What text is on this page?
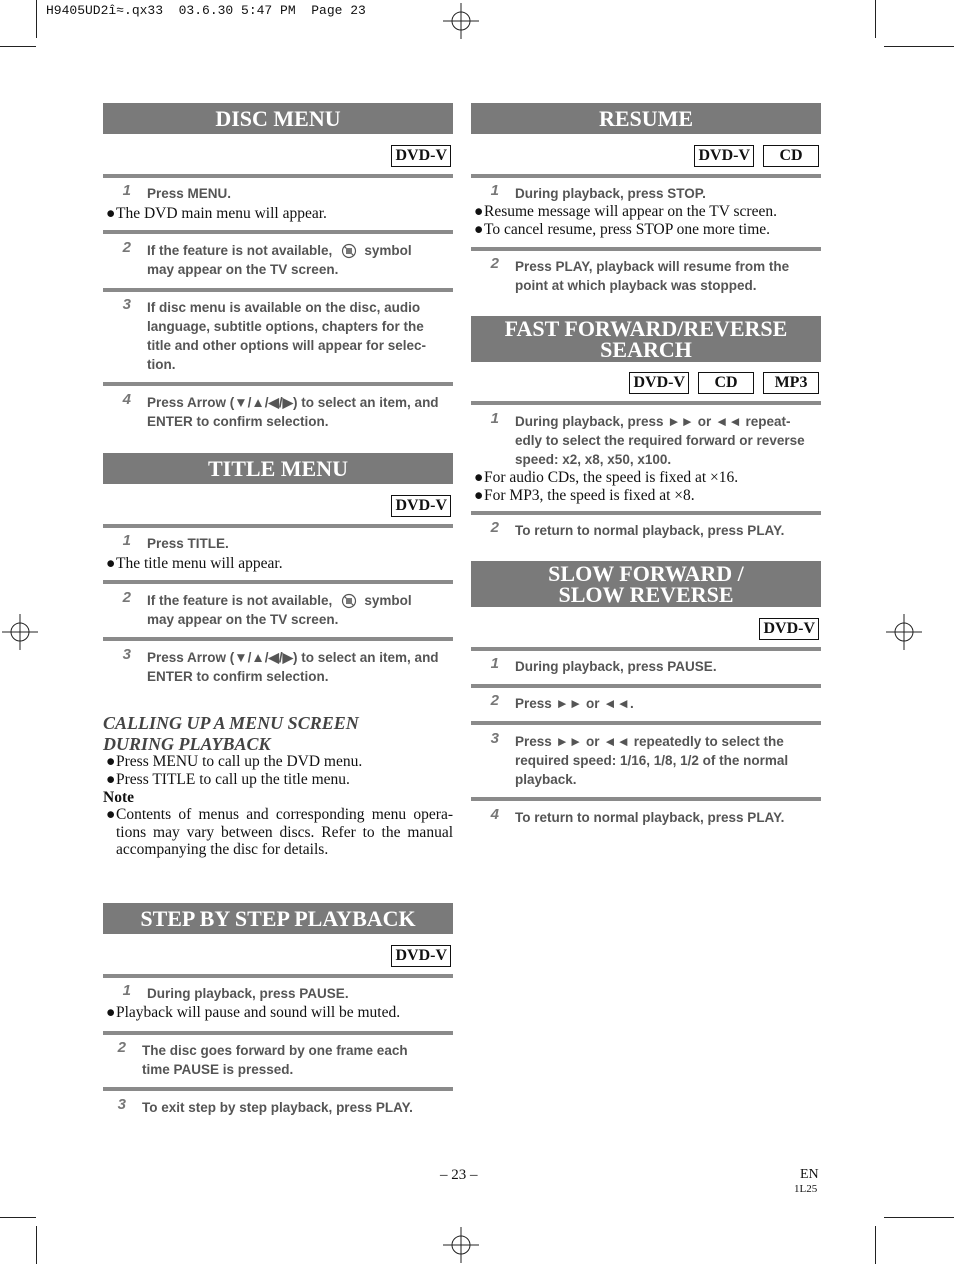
H9405UD2î≈.qx33  03.6.30 5:47 PM  Page 23
DISC MENU
DVD-V
1	Press MENU.
● The DVD main menu will appear.
2	If the feature is not available, symbol
may appear on the TV screen.
3	If disc menu is available on the disc, audio language, subtitle options, chapters for the title and other options will appear for selec-tion.
4	Press Arrow (▼/▲/◀/▶) to select an item, and ENTER to confirm selection.
TITLE MENU
DVD-V
1	Press TITLE.
● The title menu will appear.
2	If the feature is not available, symbol
may appear on the TV screen.
3	Press Arrow (▼/▲/◀/▶) to select an item, and ENTER to confirm selection.
CALLING UP A MENU SCREEN
DURING PLAYBACK
● Press MENU to call up the DVD menu.
● Press TITLE to call up the title menu.
Note
● Contents of menus and corresponding menu opera-tions may vary between discs. Refer to the manual accompanying the disc for details.
STEP BY STEP PLAYBACK
DVD-V
1	During playback, press PAUSE.
● Playback will pause and sound will be muted.
2	The disc goes forward by one frame each time PAUSE is pressed.
3	To exit step by step playback, press PLAY.
RESUME
DVD-V	CD
1	During playback, press STOP.
● Resume message will appear on the TV screen.
● To cancel resume, press STOP one more time.
2	Press PLAY, playback will resume from the point at which playback was stopped.
FAST FORWARD/REVERSE
SEARCH
DVD-V	CD	MP3
1	During playback, press ►► or ◄◄ repeat-edly to select the required forward or reverse speed: x2, x8, x50, x100.
● For audio CDs, the speed is fixed at ×16.
● For MP3, the speed is fixed at ×8.
2	To return to normal playback, press PLAY.
SLOW FORWARD /
SLOW REVERSE
DVD-V
1	During playback, press PAUSE.
2	Press ►► or ◄◄.
3	Press ►► or ◄◄ repeatedly to select the required speed: 1/16, 1/8, 1/2 of the normal playback.
4	To return to normal playback, press PLAY.
– 23 –	EN
1L25
